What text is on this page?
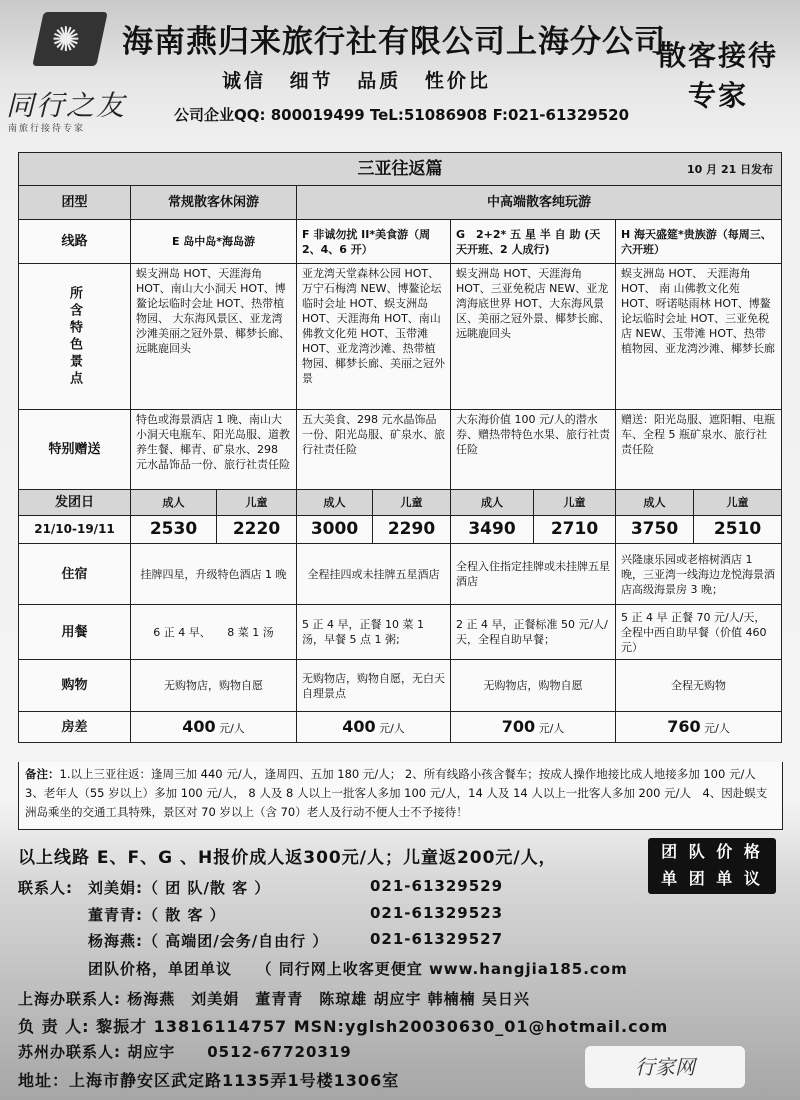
✺
同行之友
南旅行接待专家
海南燕归来旅行社有限公司上海分公司
诚信 细节 品质 性价比
公司企业QQ: 800019499 TeL:51086908 F:021-61329520
散客接待专家
三亚往返篇 10 月 21 日发布								

团型	常规散客休闲游		中高端散客纯玩游					
线路	E 岛中岛*海岛游		F 非诚勿扰 II*美食游（周 2、4、6 开）		G　2+2* 五 星 半 自 助 (天天开班、2 人成行)		H 海天盛筵*贵族游（每周三、六开班）	

所含特色景点	蜈支洲岛 HOT、天涯海角 HOT、南山大小洞天 HOT、博鳌论坛临时会址 HOT、热带植物园、 大东海风景区、亚龙湾沙滩美丽之冠外景、椰梦长廊、远眺鹿回头		亚龙湾天堂森林公园 HOT、万宁石梅湾 NEW、博鳌论坛临时会址 HOT、蜈支洲岛 HOT、天涯海角 HOT、南山佛教文化苑 HOT、玉带滩 HOT、亚龙湾沙滩、热带植物园、椰梦长廊、美丽之冠外景		蜈支洲岛 HOT、天涯海角 HOT、三亚免税店 NEW、亚龙湾海底世界 HOT、大东海风景区、美丽之冠外景、椰梦长廊、远眺鹿回头		蜈支洲岛 HOT、 天涯海角 HOT、 南 山佛教文化苑 HOT、呀诺哒雨林 HOT、博鳌论坛临时会址 HOT、三亚免税店 NEW、玉带滩 HOT、热带植物园、亚龙湾沙滩、椰梦长廊	
特别赠送	特色或海景酒店 1 晚、南山大小洞天电瓶车、阳光岛服、道教养生餐、椰青、矿泉水、298 元水晶饰品一份、旅行社责任险		五大美食、298 元水晶饰品一份、阳光岛服、矿泉水、旅行社责任险		大东海价值 100 元/人的潜水券、赠热带特色水果、旅行社责任险		赠送：阳光岛服、遮阳帽、电瓶车、全程 5 瓶矿泉水、旅行社责任险	
发团日	成人	儿童	成人	儿童	成人	儿童	成人	儿童
21/10-19/11	2530	2220	3000	2290	3490	2710	3750	2510
住宿	挂牌四星，升级特色酒店 1 晚		全程挂四或未挂牌五星酒店		全程入住指定挂牌或未挂牌五星酒店		兴隆康乐园或老榕树酒店 1 晚，三亚湾一线海边龙悦海景酒店高级海景房 3 晚；	
用餐	6 正 4 早、　　8 菜 1 汤		5 正 4 早，正餐 10 菜 1 汤，早餐 5 点 1 粥;		2 正 4 早，正餐标准 50 元/人/天，全程自助早餐；		5 正 4 早 正餐 70 元/人/天，全程中西自助早餐（价值 460 元）	
购物	无购物店，购物自愿		无购物店，购物自愿，无白天自理景点		无购物店，购物自愿		全程无购物	
房差	400 元/人		400 元/人		700 元/人		760 元/人	
备注：1.以上三亚往返：逢周三加 440 元/人，逢周四、五加 180 元/人； 2、所有线路小孩含餐车；按成人操作地接比成人地接多加 100 元/人 3、老年人（55 岁以上）多加 100 元/人， 8 人及 8 人以上一批客人多加 100 元/人，14 人及 14 人以上一批客人多加 200 元/人　4、因赴蜈支洲岛乘坐的交通工具特殊，景区对 70 岁以上（含 70）老人及行动不便人士不予接待！
以上线路 E、F、G 、H报价成人返300元/人；儿童返200元/人，	团 队 价 格
单 团 单 议
联系人: 刘美娟:（ 团 队/散 客 ）	021-61329529
董青青:（ 散 客 ）	021-61329523
杨海燕:（ 高端团/会务/自由行 ）	021-61329527
团队价格，单团单议　　（ 同行网上收客更便宜 www.hangjia185.com
上海办联系人: 杨海燕　刘美娟　董青青　陈琼雄 胡应宇 韩楠楠 吴日兴
负 责 人: 黎振才 13816114757 MSN:yglsh20030630_01@hotmail.com
苏州办联系人: 胡应宇　　0512-67720319
地址：上海市静安区武定路1135弄1号楼1306室
行家网
